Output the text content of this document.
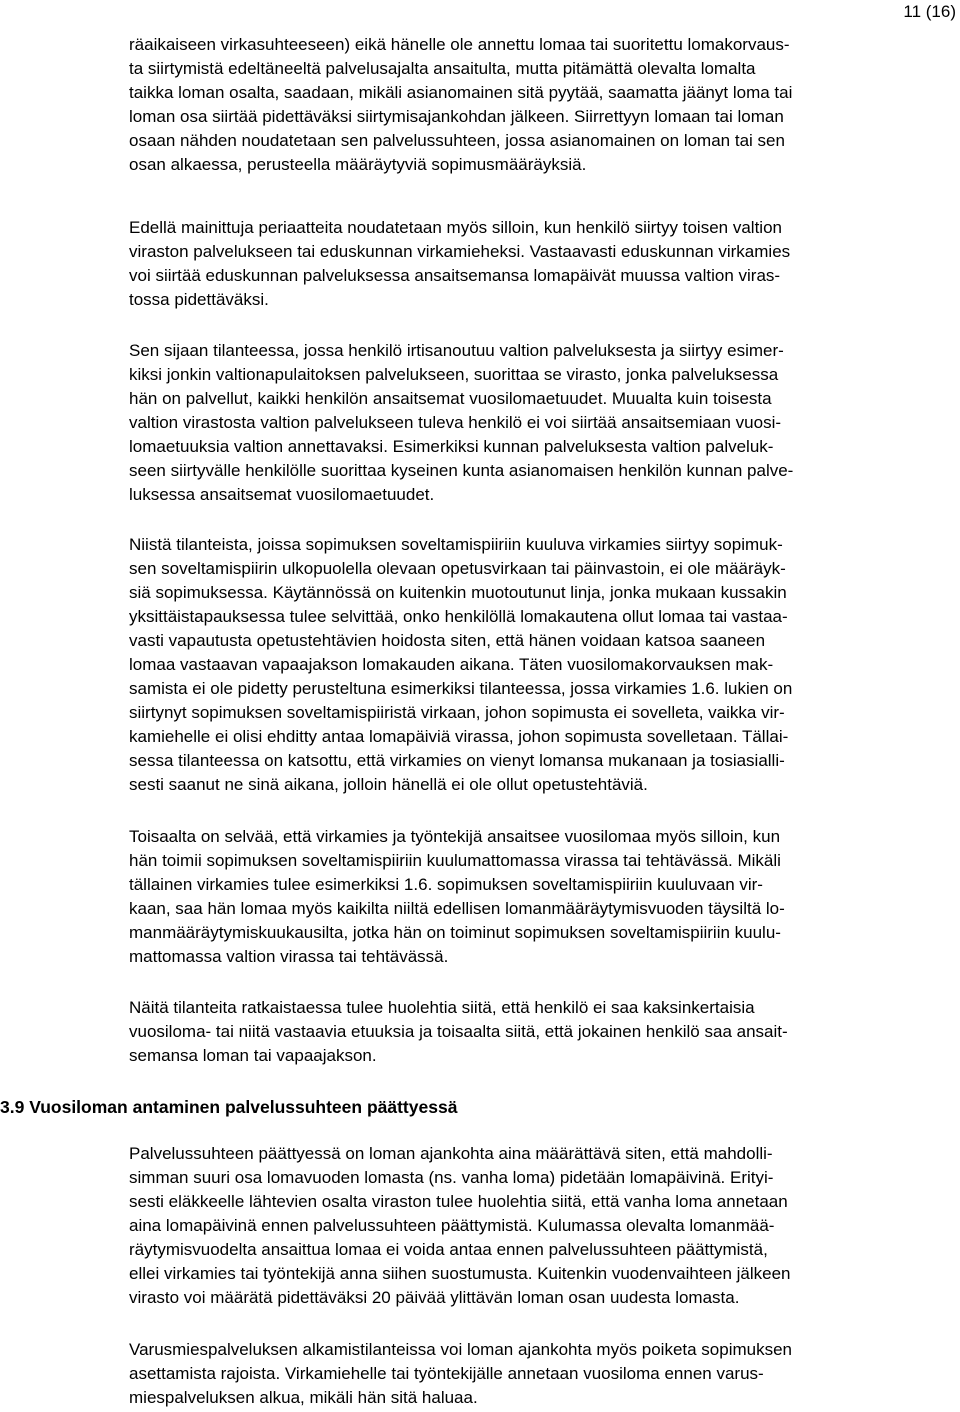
11 (16)

räaikaiseen virkasuhteeseen) eikä hänelle ole annettu lomaa tai suoritettu lomakorvaus-
ta siirtymistä edeltäneeltä palvelusajalta ansaitulta, mutta pitämättä olevalta lomalta
taikka loman osalta, saadaan, mikäli asianomainen sitä pyytää, saamatta jäänyt loma tai
loman osa siirtää pidettäväksi siirtymisajankohdan jälkeen. Siirrettyyn lomaan tai loman
osaan nähden noudatetaan sen palvelussuhteen, jossa asianomainen on loman tai sen
osan alkaessa, perusteella määräytyviä sopimusmääräyksiä.

Edellä mainittuja periaatteita noudatetaan myös silloin, kun henkilö siirtyy toisen valtion
viraston palvelukseen tai eduskunnan virkamieheksi. Vastaavasti eduskunnan virkamies
voi siirtää eduskunnan palveluksessa ansaitsemansa lomapäivät muussa valtion viras-
tossa pidettäväksi.

Sen sijaan tilanteessa, jossa henkilö irtisanoutuu valtion palveluksesta ja siirtyy esimer-
kiksi jonkin valtionapulaitoksen palvelukseen, suorittaa se virasto, jonka palveluksessa
hän on palvellut, kaikki henkilön ansaitsemat vuosilomaetuudet. Muualta kuin toisesta
valtion virastosta valtion palvelukseen tuleva henkilö ei voi siirtää ansaitsemiaan vuosi-
lomaetuuksia valtion annettavaksi. Esimerkiksi kunnan palveluksesta valtion palveluk-
seen siirtyvälle henkilölle suorittaa kyseinen kunta asianomaisen henkilön kunnan palve-
luksessa ansaitsemat vuosilomaetuudet.

Niistä tilanteista, joissa sopimuksen soveltamispiiriin kuuluva virkamies siirtyy sopimuk-
sen soveltamispiirin ulkopuolella olevaan opetusvirkaan tai päinvastoin, ei ole määräyk-
siä sopimuksessa. Käytännössä on kuitenkin muotoutunut linja, jonka mukaan kussakin
yksittäistapauksessa tulee selvittää, onko henkilöllä lomakautena ollut lomaa tai vastaa-
vasti vapautusta opetustehtävien hoidosta siten, että hänen voidaan katsoa saaneen
lomaa vastaavan vapaajakson lomakauden aikana. Täten vuosilomakorvauksen mak-
samista ei ole pidetty perusteltuna esimerkiksi tilanteessa, jossa virkamies 1.6. lukien on
siirtynyt sopimuksen soveltamispiiristä virkaan, johon sopimusta ei sovelleta, vaikka vir-
kamiehelle ei olisi ehditty antaa lomapäiviä virassa, johon sopimusta sovelletaan. Tällai-
sessa tilanteessa on katsottu, että virkamies on vienyt lomansa mukanaan ja tosiasialli-
sesti saanut ne sinä aikana, jolloin hänellä ei ole ollut opetustehtäviä.

Toisaalta on selvää, että virkamies ja työntekijä ansaitsee vuosilomaa myös silloin, kun
hän toimii sopimuksen soveltamispiiriin kuulumattomassa virassa tai tehtävässä. Mikäli
tällainen virkamies tulee esimerkiksi 1.6. sopimuksen soveltamispiiriin kuuluvaan vir-
kaan, saa hän lomaa myös kaikilta niiltä edellisen lomanmääräytymisvuoden täysiltä lo-
manmääräytymiskuukausilta, jotka hän on toiminut sopimuksen soveltamispiiriin kuulu-
mattomassa valtion virassa tai tehtävässä.

Näitä tilanteita ratkaistaessa tulee huolehtia siitä, että henkilö ei saa kaksinkertaisia
vuosiloma- tai niitä vastaavia etuuksia ja toisaalta siitä, että jokainen henkilö saa ansait-
semansa loman tai vapaajakson.

3.9 Vuosiloman antaminen palvelussuhteen päättyessä

Palvelussuhteen päättyessä on loman ajankohta aina määrättävä siten, että mahdolli-
simman suuri osa lomavuoden lomasta (ns. vanha loma) pidetään lomapäivinä. Erityi-
sesti eläkkeelle lähtevien osalta viraston tulee huolehtia siitä, että vanha loma annetaan
aina lomapäivinä ennen palvelussuhteen päättymistä. Kulumassa olevalta lomanmää-
räytymisvuodelta ansaittua lomaa ei voida antaa ennen palvelussuhteen päättymistä,
ellei virkamies tai työntekijä anna siihen suostumusta. Kuitenkin vuodenvaihteen jälkeen
virasto voi määrätä pidettäväksi 20 päivää ylittävän loman osan uudesta lomasta.

Varusmiespalveluksen alkamistilanteissa voi loman ajankohta myös poiketa sopimuksen
asettamista rajoista. Virkamiehelle tai työntekijälle annetaan vuosiloma ennen varus-
miespalveluksen alkua, mikäli hän sitä haluaa.
